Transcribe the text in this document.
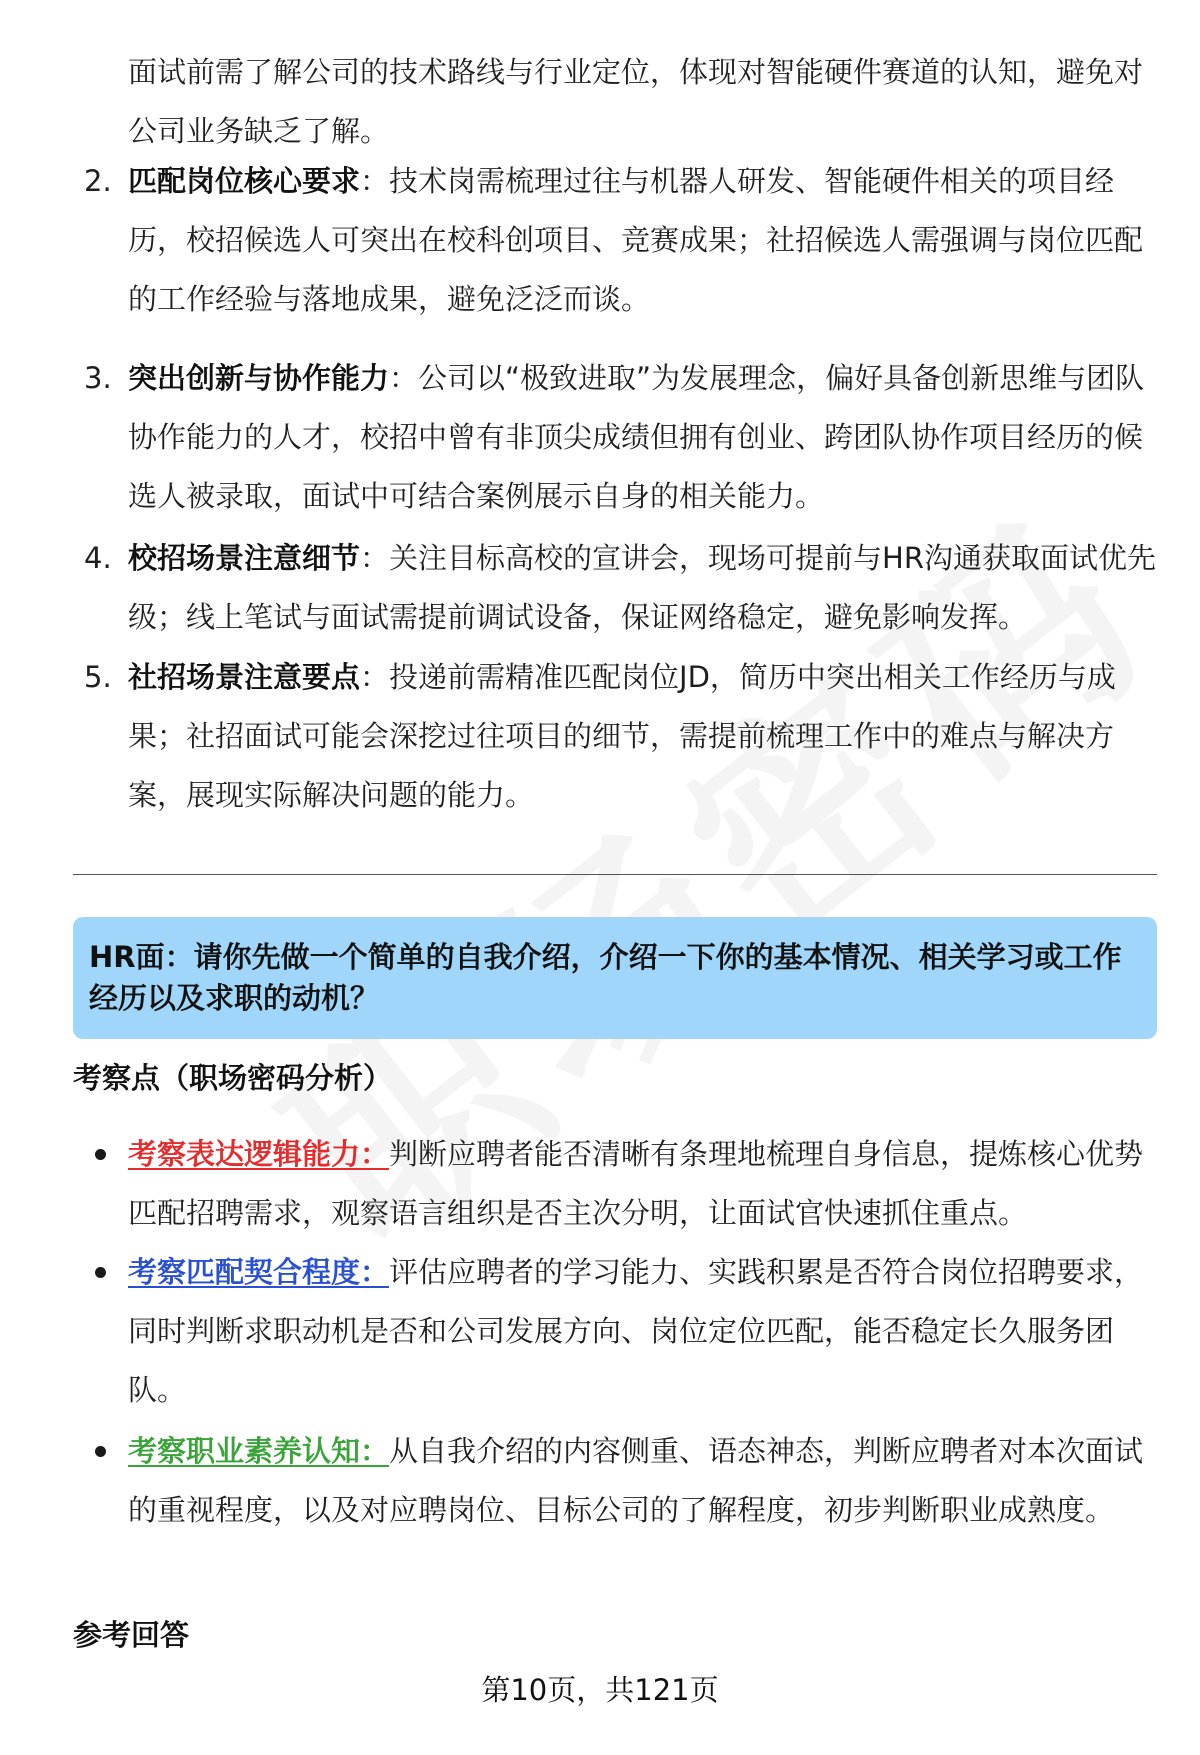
面试前需了解公司的技术路线与行业定位，体现对智能硬件赛道的认知，避免对公司业务缺乏了解。
2. 匹配岗位核心要求：技术岗需梳理过往与机器人研发、智能硬件相关的项目经历，校招候选人可突出在校科创项目、竞赛成果；社招候选人需强调与岗位匹配的工作经验与落地成果，避免泛泛而谈。
3. 突出创新与协作能力：公司以“极致进取”为发展理念，偏好具备创新思维与团队协作能力的人才，校招中曾有非顶尖成绩但拥有创业、跨团队协作项目经历的候选人被录取，面试中可结合案例展示自身的相关能力。
4. 校招场景注意细节：关注目标高校的宣讲会，现场可提前与HR沟通获取面试优先级；线上笔试与面试需提前调试设备，保证网络稳定，避免影响发挥。
5. 社招场景注意要点：投递前需精准匹配岗位JD，简历中突出相关工作经历与成果；社招面试可能会深挖过往项目的细节，需提前梳理工作中的难点与解决方案，展现实际解决问题的能力。
HR面：请你先做一个简单的自我介绍，介绍一下你的基本情况、相关学习或工作经历以及求职的动机？
考察点（职场密码分析）
考察表达逻辑能力：判断应聘者能否清晰有条理地梳理自身信息，提炼核心优势匹配招聘需求，观察语言组织是否主次分明，让面试官快速抓住重点。
考察匹配契合程度：评估应聘者的学习能力、实践积累是否符合岗位招聘要求，同时判断求职动机是否和公司发展方向、岗位定位匹配，能否稳定长久服务团队。
考察职业素养认知：从自我介绍的内容侧重、语态神态，判断应聘者对本次面试的重视程度，以及对应聘岗位、目标公司的了解程度，初步判断职业成熟度。
参考回答
第10页，共121页
